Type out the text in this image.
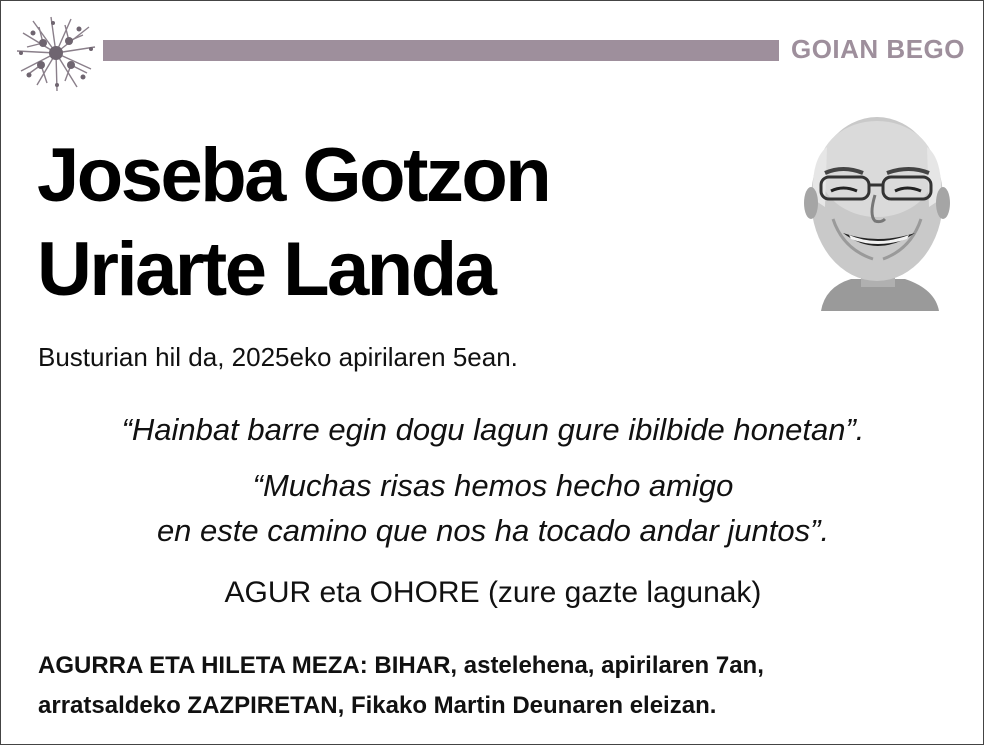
GOIAN BEGO
Joseba Gotzon
Uriarte Landa
Busturian hil da, 2025eko apirilaren 5ean.
“Hainbat barre egin dogu lagun gure ibilbide honetan”.
“Muchas risas hemos hecho amigo
en este camino que nos ha tocado andar juntos”.
AGUR eta OHORE (zure gazte lagunak)
AGURRA ETA HILETA MEZA: BIHAR, astelehena, apirilaren 7an,
arratsaldeko ZAZPIRETAN, Fikako Martin Deunaren eleizan.
